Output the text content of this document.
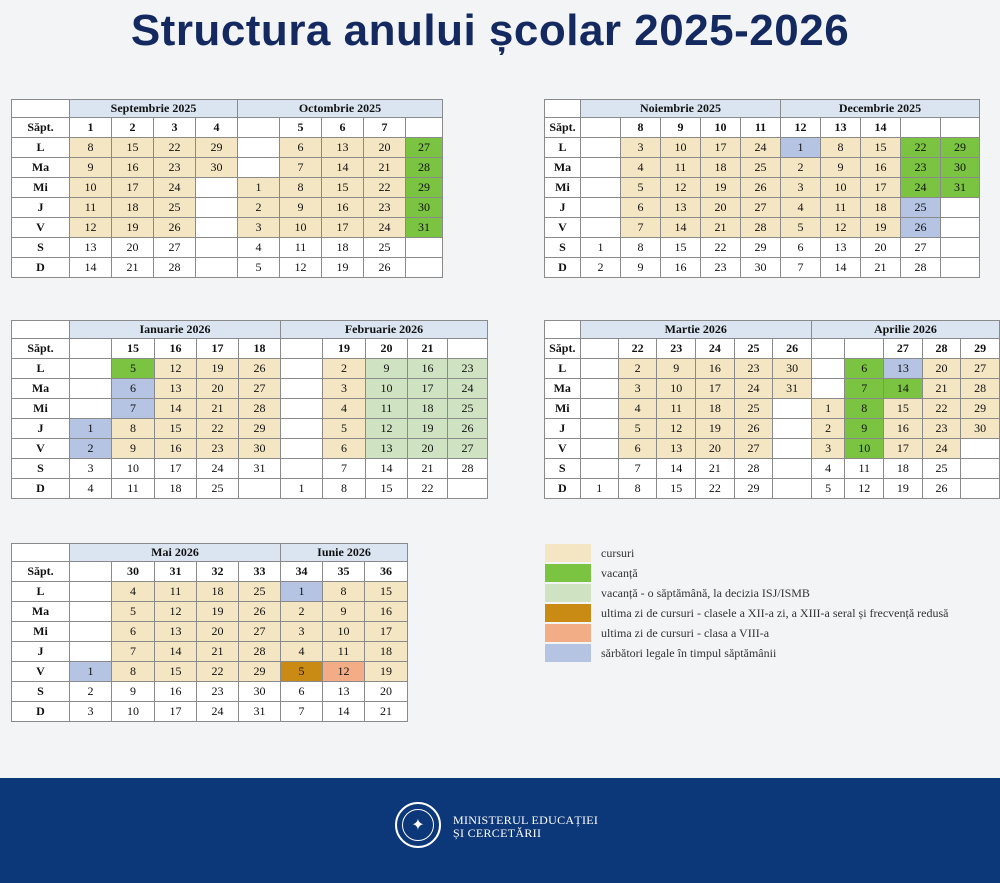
Structura anului școlar 2025-2026
	Septembrie 2025				Octombrie 2025				
Săpt.	1	2	3	4		5	6	7	
L	8	15	22	29		6	13	20	27
Ma	9	16	23	30		7	14	21	28
Mi	10	17	24		1	8	15	22	29
J	11	18	25		2	9	16	23	30
V	12	19	26		3	10	17	24	31
S	13	20	27		4	11	18	25	
D	14	21	28		5	12	19	26	
	Noiembrie 2025					Decembrie 2025				
Săpt.		8	9	10	11	12	13	14		
L		3	10	17	24	1	8	15	22	29
Ma		4	11	18	25	2	9	16	23	30
Mi		5	12	19	26	3	10	17	24	31
J		6	13	20	27	4	11	18	25	
V		7	14	21	28	5	12	19	26	
S	1	8	15	22	29	6	13	20	27	
D	2	9	16	23	30	7	14	21	28	
	Ianuarie 2026					Februarie 2026				
Săpt.		15	16	17	18		19	20	21	
L		5	12	19	26		2	9	16	23
Ma		6	13	20	27		3	10	17	24
Mi		7	14	21	28		4	11	18	25
J	1	8	15	22	29		5	12	19	26
V	2	9	16	23	30		6	13	20	27
S	3	10	17	24	31		7	14	21	28
D	4	11	18	25		1	8	15	22	
	Martie 2026						Aprilie 2026				
Săpt.		22	23	24	25	26			27	28	29
L		2	9	16	23	30		6	13	20	27
Ma		3	10	17	24	31		7	14	21	28
Mi		4	11	18	25		1	8	15	22	29
J		5	12	19	26		2	9	16	23	30
V		6	13	20	27		3	10	17	24	
S		7	14	21	28		4	11	18	25	
D	1	8	15	22	29		5	12	19	26	
	Mai 2026					Iunie 2026		
Săpt.		30	31	32	33	34	35	36
L		4	11	18	25	1	8	15
Ma		5	12	19	26	2	9	16
Mi		6	13	20	27	3	10	17
J		7	14	21	28	4	11	18
V	1	8	15	22	29	5	12	19
S	2	9	16	23	30	6	13	20
D	3	10	17	24	31	7	14	21
cursuri
vacanță
vacanță - o săptămână, la decizia ISJ/ISMB
ultima zi de cursuri - clasele a XII-a zi, a XIII-a seral și frecvență redusă
ultima zi de cursuri - clasa a VIII-a
sărbători legale în timpul săptămânii
✦	MINISTERUL EDUCAȚIEI
ȘI CERCETĂRII
